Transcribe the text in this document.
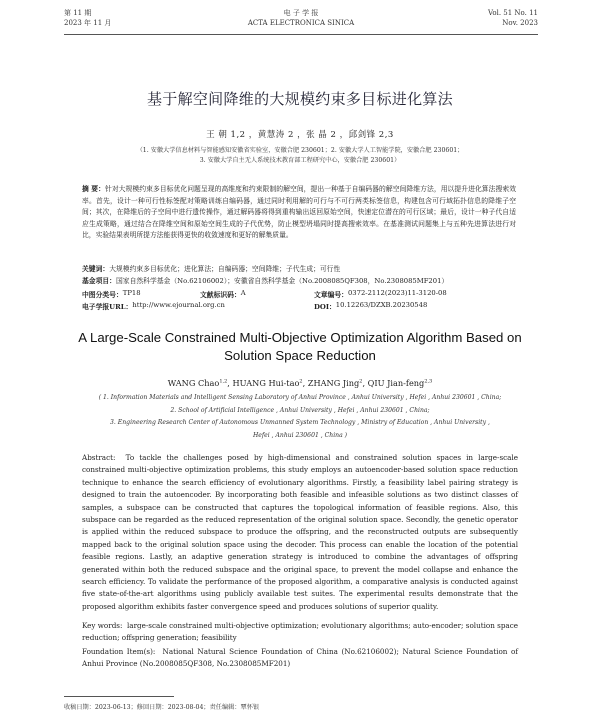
第 11 期
2023 年 11 月
电 子 学 报
ACTA ELECTRONICA SINICA
Vol. 51 No. 11
Nov. 2023
基于解空间降维的大规模约束多目标进化算法
王 朝 1,2 ，黄慧涛 2 ，张 晶 2 ，邱剑锋 2,3
（1. 安徽大学信息材料与智能感知安徽省实验室，安徽合肥 230601；2. 安徽大学人工智能学院，安徽合肥 230601；
3. 安徽大学自主无人系统技术教育部工程研究中心，安徽合肥 230601）
摘 要：针对大规模约束多目标优化问题呈现的高维度和约束限制的解空间，提出一种基于自编码器的解空间降维方法，用以提升进化算法搜索效率。首先，设计一种可行性标签配对策略训练自编码器，通过同时利用解的可行与不可行两类标签信息，构建包含可行域拓扑信息的降维子空间；其次，在降维后的子空间中进行遗传操作，通过解码器将得到重构输出返回原始空间，快速定位潜在的可行区域；最后，设计一种子代自适应生成策略，通过结合在降维空间和原始空间生成的子代优势，防止模型坍塌同时提高搜索效率。在基准测试问题集上与五种先进算法进行对比，实验结果表明所提方法能获得更快的收敛速度和更好的解集质量。
关键词：大规模约束多目标优化；进化算法；自编码器；空间降维；子代生成；可行性
基金项目：国家自然科学基金（No.62106002）；安徽省自然科学基金（No.2008085QF308，No.2308085MF201）
中图分类号： TP18	文献标识码： A	文章编号： 0372-2112(2023)11-3120-08
电子学报URL： http://www.ejournal.org.cn	DOI： 10.12263/DZXB.20230548
A Large-Scale Constrained Multi-Objective Optimization Algorithm Based on Solution Space Reduction
WANG Chao$^{1,2}$, HUANG Hui-tao$^2$, ZHANG Jing$^2$, QIU Jian-feng$^{2,3}$
( 1. Information Materials and Intelligent Sensing Laboratory of Anhui Province , Anhui University , Hefei , Anhui 230601 , China;
2. School of Artificial Intelligence , Anhui University , Hefei , Anhui 230601 , China;
3. Engineering Research Center of Autonomous Unmanned System Technology , Ministry of Education , Anhui University ,
Hefei , Anhui 230601 , China )
Abstract: To tackle the challenges posed by high-dimensional and constrained solution spaces in large-scale constrained multi-objective optimization problems, this study employs an autoencoder-based solution space reduction technique to enhance the search efficiency of evolutionary algorithms. Firstly, a feasibility label pairing strategy is designed to train the autoencoder. By incorporating both feasible and infeasible solutions as two distinct classes of samples, a subspace can be constructed that captures the topological information of feasible regions. Also, this subspace can be regarded as the reduced representation of the original solution space. Secondly, the genetic operator is applied within the reduced subspace to produce the offspring, and the reconstructed outputs are subsequently mapped back to the original solution space using the decoder. This process can enable the location of the potential feasible regions. Lastly, an adaptive generation strategy is introduced to combine the advantages of offspring generated within both the reduced subspace and the original space, to prevent the model collapse and enhance the search efficiency. To validate the performance of the proposed algorithm, a comparative analysis is conducted against five state-of-the-art algorithms using publicly available test suites. The experimental results demonstrate that the proposed algorithm exhibits faster convergence speed and produces solutions of superior quality.
Key words: large-scale constrained multi-objective optimization; evolutionary algorithms; auto-encoder; solution space reduction; offspring generation; feasibility
Foundation Item(s): National Natural Science Foundation of China (No.62106002); Natural Science Foundation of Anhui Province (No.2008085QF308, No.2308085MF201)
收稿日期：2023-06-13；修回日期：2023-08-04；责任编辑：覃怀银
